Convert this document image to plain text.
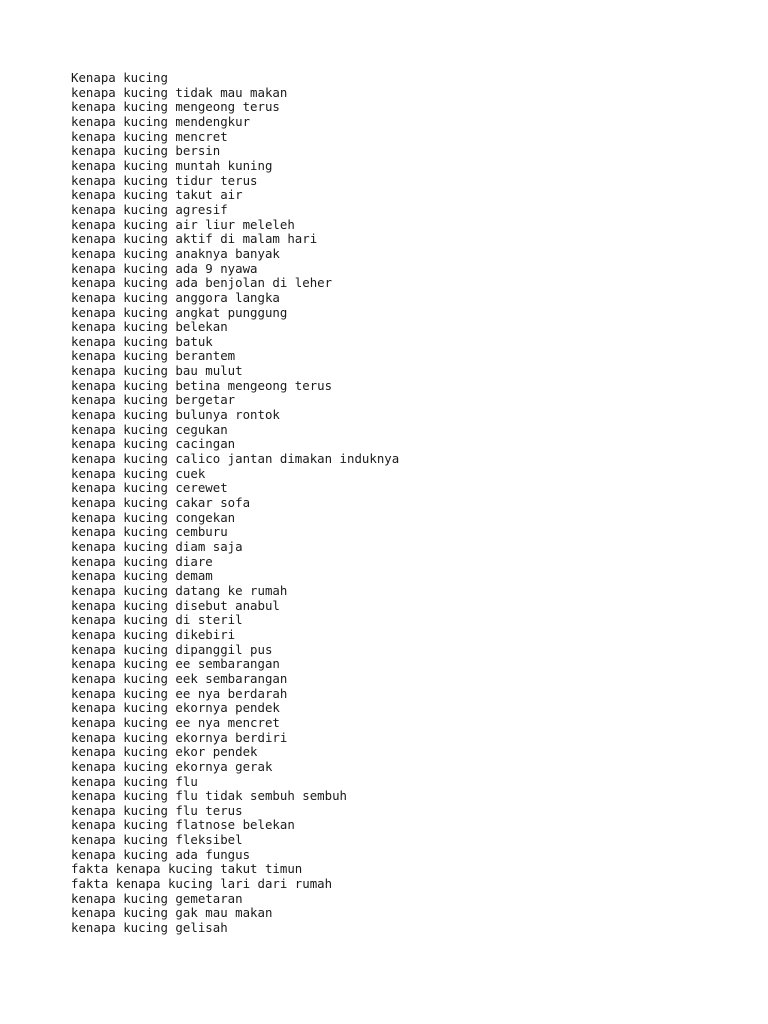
Kenapa kucing
kenapa kucing tidak mau makan
kenapa kucing mengeong terus
kenapa kucing mendengkur
kenapa kucing mencret
kenapa kucing bersin
kenapa kucing muntah kuning
kenapa kucing tidur terus
kenapa kucing takut air
kenapa kucing agresif
kenapa kucing air liur meleleh
kenapa kucing aktif di malam hari
kenapa kucing anaknya banyak
kenapa kucing ada 9 nyawa
kenapa kucing ada benjolan di leher
kenapa kucing anggora langka
kenapa kucing angkat punggung
kenapa kucing belekan
kenapa kucing batuk
kenapa kucing berantem
kenapa kucing bau mulut
kenapa kucing betina mengeong terus
kenapa kucing bergetar
kenapa kucing bulunya rontok
kenapa kucing cegukan
kenapa kucing cacingan
kenapa kucing calico jantan dimakan induknya
kenapa kucing cuek
kenapa kucing cerewet
kenapa kucing cakar sofa
kenapa kucing congekan
kenapa kucing cemburu
kenapa kucing diam saja
kenapa kucing diare
kenapa kucing demam
kenapa kucing datang ke rumah
kenapa kucing disebut anabul
kenapa kucing di steril
kenapa kucing dikebiri
kenapa kucing dipanggil pus
kenapa kucing ee sembarangan
kenapa kucing eek sembarangan
kenapa kucing ee nya berdarah
kenapa kucing ekornya pendek
kenapa kucing ee nya mencret
kenapa kucing ekornya berdiri
kenapa kucing ekor pendek
kenapa kucing ekornya gerak
kenapa kucing flu
kenapa kucing flu tidak sembuh sembuh
kenapa kucing flu terus
kenapa kucing flatnose belekan
kenapa kucing fleksibel
kenapa kucing ada fungus
fakta kenapa kucing takut timun
fakta kenapa kucing lari dari rumah
kenapa kucing gemetaran
kenapa kucing gak mau makan
kenapa kucing gelisah
